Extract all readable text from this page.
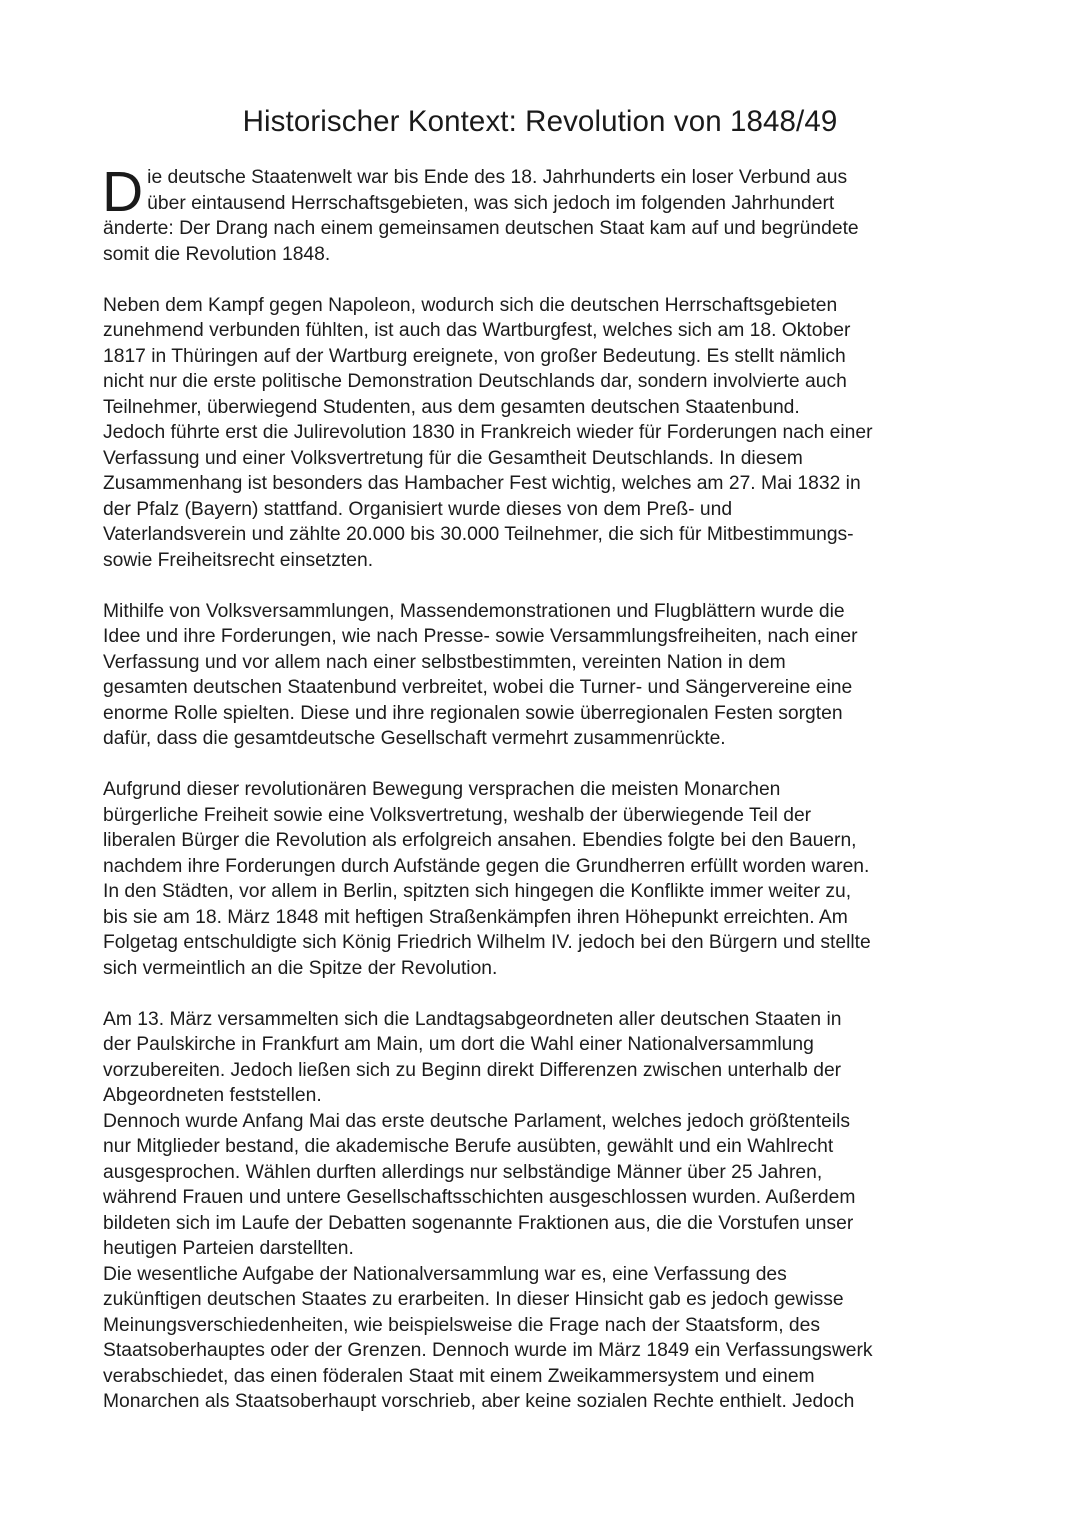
Historischer Kontext: Revolution von 1848/49

D ie deutsche Staatenwelt war bis Ende des 18. Jahrhunderts ein loser Verbund aus
über eintausend Herrschaftsgebieten, was sich jedoch im folgenden Jahrhundert
änderte: Der Drang nach einem gemeinsamen deutschen Staat kam auf und begründete
somit die Revolution 1848.

Neben dem Kampf gegen Napoleon, wodurch sich die deutschen Herrschaftsgebieten
zunehmend verbunden fühlten, ist auch das Wartburgfest, welches sich am 18. Oktober
1817 in Thüringen auf der Wartburg ereignete, von großer Bedeutung. Es stellt nämlich
nicht nur die erste politische Demonstration Deutschlands dar, sondern involvierte auch
Teilnehmer, überwiegend Studenten, aus dem gesamten deutschen Staatenbund.
Jedoch führte erst die Julirevolution 1830 in Frankreich wieder für Forderungen nach einer
Verfassung und einer Volksvertretung für die Gesamtheit Deutschlands. In diesem
Zusammenhang ist besonders das Hambacher Fest wichtig, welches am 27. Mai 1832 in
der Pfalz (Bayern) stattfand. Organisiert wurde dieses von dem Preß- und
Vaterlandsverein und zählte 20.000 bis 30.000 Teilnehmer, die sich für Mitbestimmungs-
sowie Freiheitsrecht einsetzten.

Mithilfe von Volksversammlungen, Massendemonstrationen und Flugblättern wurde die
Idee und ihre Forderungen, wie nach Presse- sowie Versammlungsfreiheiten, nach einer
Verfassung und vor allem nach einer selbstbestimmten, vereinten Nation in dem
gesamten deutschen Staatenbund verbreitet, wobei die Turner- und Sängervereine eine
enorme Rolle spielten. Diese und ihre regionalen sowie überregionalen Festen sorgten
dafür, dass die gesamtdeutsche Gesellschaft vermehrt zusammenrückte.

Aufgrund dieser revolutionären Bewegung versprachen die meisten Monarchen
bürgerliche Freiheit sowie eine Volksvertretung, weshalb der überwiegende Teil der
liberalen Bürger die Revolution als erfolgreich ansahen. Ebendies folgte bei den Bauern,
nachdem ihre Forderungen durch Aufstände gegen die Grundherren erfüllt worden waren.
In den Städten, vor allem in Berlin, spitzten sich hingegen die Konflikte immer weiter zu,
bis sie am 18. März 1848 mit heftigen Straßenkämpfen ihren Höhepunkt erreichten. Am
Folgetag entschuldigte sich König Friedrich Wilhelm IV. jedoch bei den Bürgern und stellte
sich vermeintlich an die Spitze der Revolution.

Am 13. März versammelten sich die Landtagsabgeordneten aller deutschen Staaten in
der Paulskirche in Frankfurt am Main, um dort die Wahl einer Nationalversammlung
vorzubereiten. Jedoch ließen sich zu Beginn direkt Differenzen zwischen unterhalb der
Abgeordneten feststellen.

Dennoch wurde Anfang Mai das erste deutsche Parlament, welches jedoch größtenteils
nur Mitglieder bestand, die akademische Berufe ausübten, gewählt und ein Wahlrecht
ausgesprochen. Wählen durften allerdings nur selbständige Männer über 25 Jahren,
während Frauen und untere Gesellschaftsschichten ausgeschlossen wurden. Außerdem
bildeten sich im Laufe der Debatten sogenannte Fraktionen aus, die die Vorstufen unser
heutigen Parteien darstellten.

Die wesentliche Aufgabe der Nationalversammlung war es, eine Verfassung des
zukünftigen deutschen Staates zu erarbeiten. In dieser Hinsicht gab es jedoch gewisse
Meinungsverschiedenheiten, wie beispielsweise die Frage nach der Staatsform, des
Staatsoberhauptes oder der Grenzen. Dennoch wurde im März 1849 ein Verfassungswerk
verabschiedet, das einen föderalen Staat mit einem Zweikammersystem und einem
Monarchen als Staatsoberhaupt vorschrieb, aber keine sozialen Rechte enthielt. Jedoch
